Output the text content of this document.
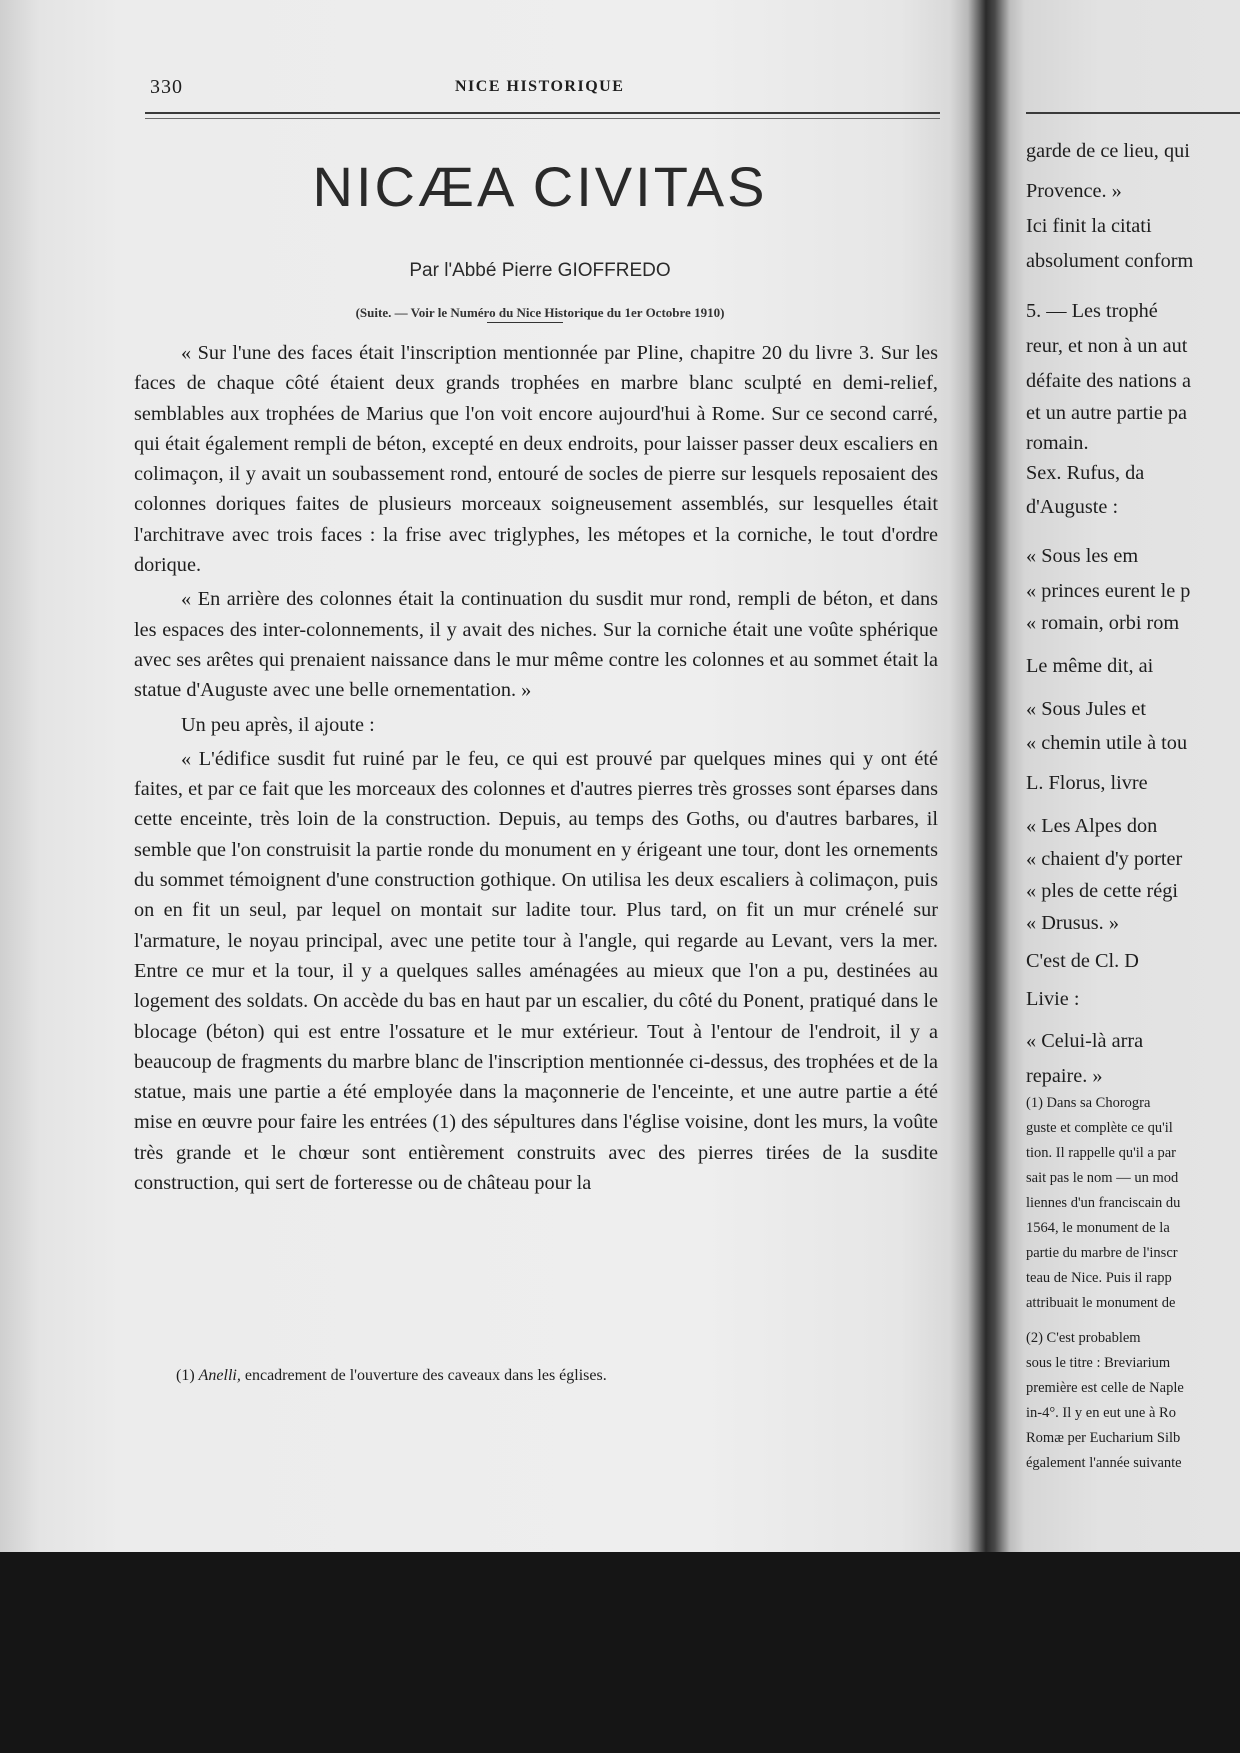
330	NICE HISTORIQUE
NICÆA CIVITAS
Par l'Abbé Pierre GIOFFREDO
(Suite. — Voir le Numéro du Nice Historique du 1er Octobre 1910)

« Sur l'une des faces était l'inscription mentionnée par Pline, chapitre 20 du livre 3. Sur les faces de chaque côté étaient deux grands trophées en marbre blanc sculpté en demi-relief, semblables aux trophées de Marius que l'on voit encore aujourd'hui à Rome. Sur ce second carré, qui était également rempli de béton, excepté en deux endroits, pour laisser passer deux escaliers en colimaçon, il y avait un soubassement rond, entouré de socles de pierre sur lesquels reposaient des colonnes doriques faites de plusieurs morceaux soigneusement assemblés, sur lesquelles était l'architrave avec trois faces : la frise avec triglyphes, les métopes et la corniche, le tout d'ordre dorique.

« En arrière des colonnes était la continuation du susdit mur rond, rempli de béton, et dans les espaces des inter-colonnements, il y avait des niches. Sur la corniche était une voûte sphérique avec ses arêtes qui prenaient naissance dans le mur même contre les colonnes et au sommet était la statue d'Auguste avec une belle ornementation. »

Un peu après, il ajoute :

« L'édifice susdit fut ruiné par le feu, ce qui est prouvé par quelques mines qui y ont été faites, et par ce fait que les morceaux des colonnes et d'autres pierres très grosses sont éparses dans cette enceinte, très loin de la construction. Depuis, au temps des Goths, ou d'autres barbares, il semble que l'on construisit la partie ronde du monument en y érigeant une tour, dont les ornements du sommet témoignent d'une construction gothique. On utilisa les deux escaliers à colimaçon, puis on en fit un seul, par lequel on montait sur ladite tour. Plus tard, on fit un mur crénelé sur l'armature, le noyau principal, avec une petite tour à l'angle, qui regarde au Levant, vers la mer. Entre ce mur et la tour, il y a quelques salles aménagées au mieux que l'on a pu, destinées au logement des soldats. On accède du bas en haut par un escalier, du côté du Ponent, pratiqué dans le blocage (béton) qui est entre l'ossature et le mur extérieur. Tout à l'entour de l'endroit, il y a beaucoup de fragments du marbre blanc de l'inscription mentionnée ci-dessus, des trophées et de la statue, mais une partie a été employée dans la maçonnerie de l'enceinte, et une autre partie a été mise en œuvre pour faire les entrées (1) des sépultures dans l'église voisine, dont les murs, la voûte très grande et le chœur sont entièrement construits avec des pierres tirées de la susdite construction, qui sert de forteresse ou de château pour la

(1) Anelli, encadrement de l'ouverture des caveaux dans les églises.
garde de ce lieu, qui
Provence. »
Ici finit la citati
absolument conform
5. — Les trophé
reur, et non à un aut
défaite des nations a
et un autre partie pa
romain.
Sex. Rufus, da
d'Auguste :
« Sous les em
« princes eurent le p
« romain, orbi rom
Le même dit, ai
« Sous Jules et
« chemin utile à tou
L. Florus, livre
« Les Alpes don
« chaient d'y porter
« ples de cette régi
« Drusus. »
C'est de Cl. D
Livie :
« Celui-là arra
repaire. »
(1) Dans sa Chorogra
guste et complète ce qu'il
tion. Il rappelle qu'il a par
sait pas le nom — un mod
liennes d'un franciscain du
1564, le monument de la
partie du marbre de l'inscr
teau de Nice. Puis il rapp
attribuait le monument de
(2) C'est probablem
sous le titre : Breviarium
première est celle de Naple
in-4°. Il y en eut une à Ro
Romæ per Eucharium Silb
également l'année suivante
